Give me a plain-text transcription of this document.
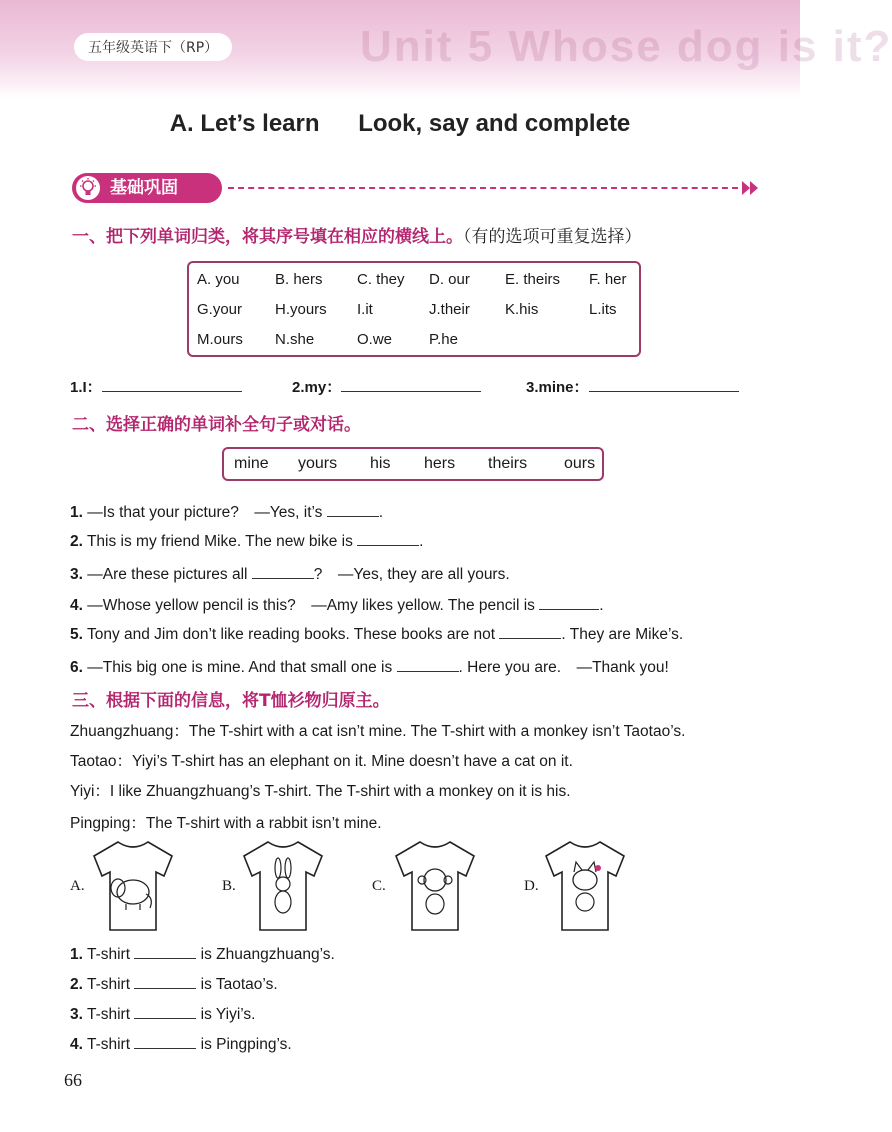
Unit 5 Whose dog is it?
五年级英语下（RP）
A. Let’s learn Look, say and complete
基础巩固
一、把下列单词归类，将其序号填在相应的横线上。（有的选项可重复选择）
A. you B. hers C. they D. our E. theirs F. her
G.your H.yours I.it	J.their K.his	L.its
M.ours N.she	O.we P.he
1.I：	2.my：	3.mine：
二、选择正确的单词补全句子或对话。
mine yours his hers theirs ours
1. —Is that your picture?　—Yes, it’s	.
2. This is my friend Mike. The new bike is	.
3. —Are these pictures all	?　—Yes, they are all yours.
4. —Whose yellow pencil is this?　—Amy likes yellow. The pencil is	.
5. Tony and Jim don’t like reading books. These books are not	. They are Mike’s.
6. —This big one is mine. And that small one is	. Here you are.　—Thank you!
三、根据下面的信息，将T恤衫物归原主。
Zhuangzhuang：The T-shirt with a cat isn’t mine. The T-shirt with a monkey isn’t Taotao’s.
Taotao：Yiyi’s T-shirt has an elephant on it. Mine doesn’t have a cat on it.
Yiyi：I like Zhuangzhuang’s T-shirt. The T-shirt with a monkey on it is his.
Pingping：The T-shirt with a rabbit isn’t mine.
A.	B.	C.	D.
1. T-shirt	is Zhuangzhuang’s.
2. T-shirt	is Taotao’s.
3. T-shirt	is Yiyi’s.
4. T-shirt	is Pingping’s.
66
